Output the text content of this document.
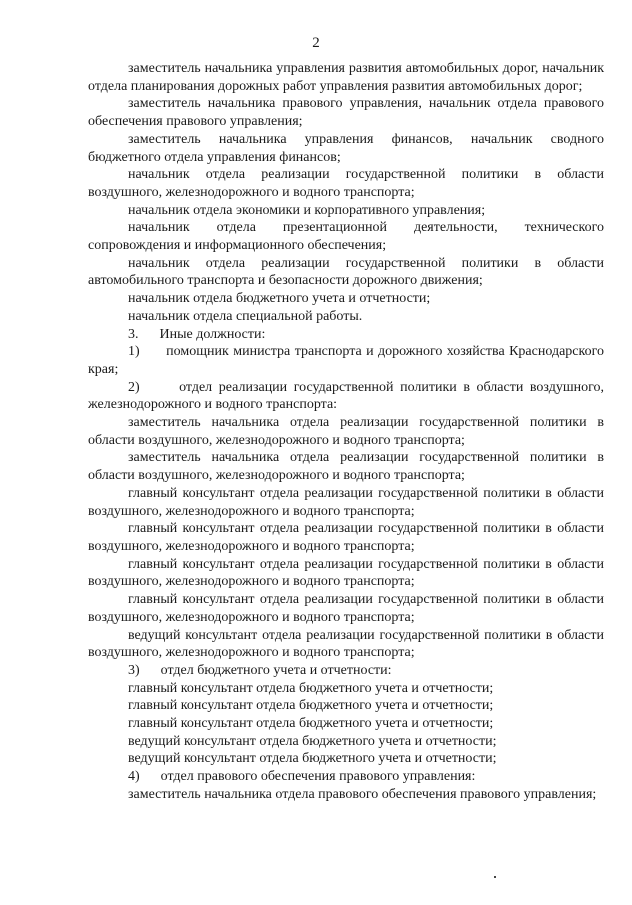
2

заместитель начальника управления развития автомобильных дорог, начальник отдела планирования дорожных работ управления развития автомобильных дорог;

заместитель начальника правового управления, начальник отдела правового обеспечения правового управления;

заместитель начальника управления финансов, начальник сводного бюджетного отдела управления финансов;

начальник отдела реализации государственной политики в области воздушного, железнодорожного и водного транспорта;

начальник отдела экономики и корпоративного управления;

начальник отдела презентационной деятельности, технического сопровождения и информационного обеспечения;

начальник отдела реализации государственной политики в области автомобильного транспорта и безопасности дорожного движения;

начальник отдела бюджетного учета и отчетности;

начальник отдела специальной работы.

3.      Иные должности:

1)      помощник министра транспорта и дорожного хозяйства Краснодарского края;

2)      отдел реализации государственной политики в области воздушного, железнодорожного и водного транспорта:

заместитель начальника отдела реализации государственной политики в области воздушного, железнодорожного и водного транспорта;

заместитель начальника отдела реализации государственной политики в области воздушного, железнодорожного и водного транспорта;

главный консультант отдела реализации государственной политики в области воздушного, железнодорожного и водного транспорта;

главный консультант отдела реализации государственной политики в области воздушного, железнодорожного и водного транспорта;

главный консультант отдела реализации государственной политики в области воздушного, железнодорожного и водного транспорта;

главный консультант отдела реализации государственной политики в области воздушного, железнодорожного и водного транспорта;

ведущий консультант отдела реализации государственной политики в области воздушного, железнодорожного и водного транспорта;

3)      отдел бюджетного учета и отчетности:

главный консультант отдела бюджетного учета и отчетности;

главный консультант отдела бюджетного учета и отчетности;

главный консультант отдела бюджетного учета и отчетности;

ведущий консультант отдела бюджетного учета и отчетности;

ведущий консультант отдела бюджетного учета и отчетности;

4)      отдел правового обеспечения правового управления:

заместитель начальника отдела правового обеспечения правового управления;
